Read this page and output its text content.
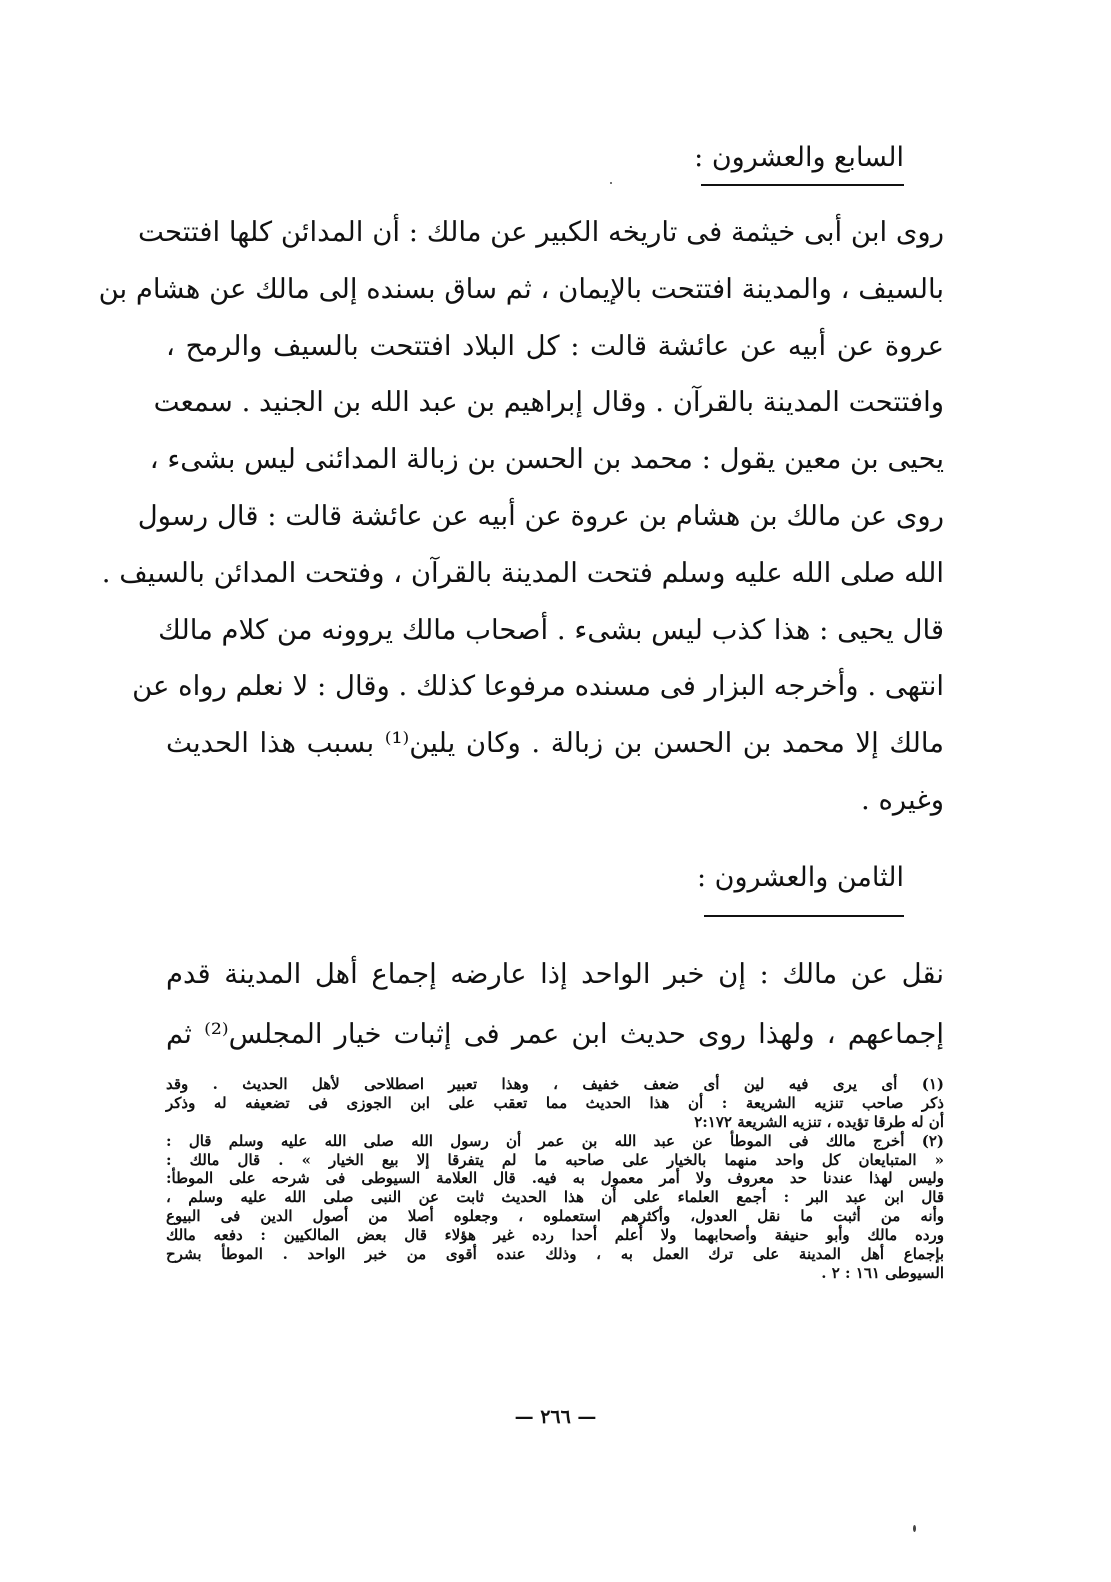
السابع والعشرون :
روى ابن أبى خيثمة فى تاريخه الكبير عن مالك : أن المدائن كلها افتتحت
بالسيف ، والمدينة افتتحت بالإيمان ، ثم ساق بسنده إلى مالك عن هشام بن
عروة عن أبيه عن عائشة قالت : كل البلاد افتتحت بالسيف والرمح ،
وافتتحت المدينة بالقرآن . وقال إبراهيم بن عبد الله بن الجنيد . سمعت
يحيى بن معين يقول : محمد بن الحسن بن زبالة المدائنى ليس بشىء ،
روى عن مالك بن هشام بن عروة عن أبيه عن عائشة قالت : قال رسول
الله صلى الله عليه وسلم فتحت المدينة بالقرآن ، وفتحت المدائن بالسيف .
قال يحيى : هذا كذب ليس بشىء . أصحاب مالك يروونه من كلام مالك
انتهى . وأخرجه البزار فى مسنده مرفوعا كذلك . وقال : لا نعلم رواه عن
مالك إلا محمد بن الحسن بن زبالة . وكان يلين⁽¹⁾ بسبب هذا الحديث
وغيره .
الثامن والعشرون :
نقل عن مالك : إن خبر الواحد إذا عارضه إجماع أهل المدينة قدم
إجماعهم ، ولهذا روى حديث ابن عمر فى إثبات خيار المجلس⁽²⁾ ثم
(١) أى يرى فيه لين أى ضعف خفيف ، وهذا تعبير اصطلاحى لأهل الحديث . وقد
ذكر صاحب تنزيه الشريعة : أن هذا الحديث مما تعقب على ابن الجوزى فى تضعيفه له وذكر
أن له طرقا تؤيده ، تنزيه الشريعة ٢:١٧٢
(٢) أخرج مالك فى الموطأ عن عبد الله بن عمر أن رسول الله صلى الله عليه وسلم قال :
« المتبايعان كل واحد منهما بالخيار على صاحبه ما لم يتفرقا إلا بيع الخيار » . قال مالك :
وليس لهذا عندنا حد معروف ولا أمر معمول به فيه. قال العلامة السيوطى فى شرحه على الموطأ:
قال ابن عبد البر : أجمع العلماء على أن هذا الحديث ثابت عن النبى صلى الله عليه وسلم ،
وأنه من أثبت ما نقل العدول، وأكثرهم استعملوه ، وجعلوه أصلا من أصول الدين فى البيوع
ورده مالك وأبو حنيفة وأصحابهما ولا أعلم أحدا رده غير هؤلاء قال بعض المالكيين : دفعه مالك
بإجماع أهل المدينة على ترك العمل به ، وذلك عنده أقوى من خبر الواحد . الموطأ بشرح
السيوطى ١٦١ : ٢ .
— ٢٦٦ —
